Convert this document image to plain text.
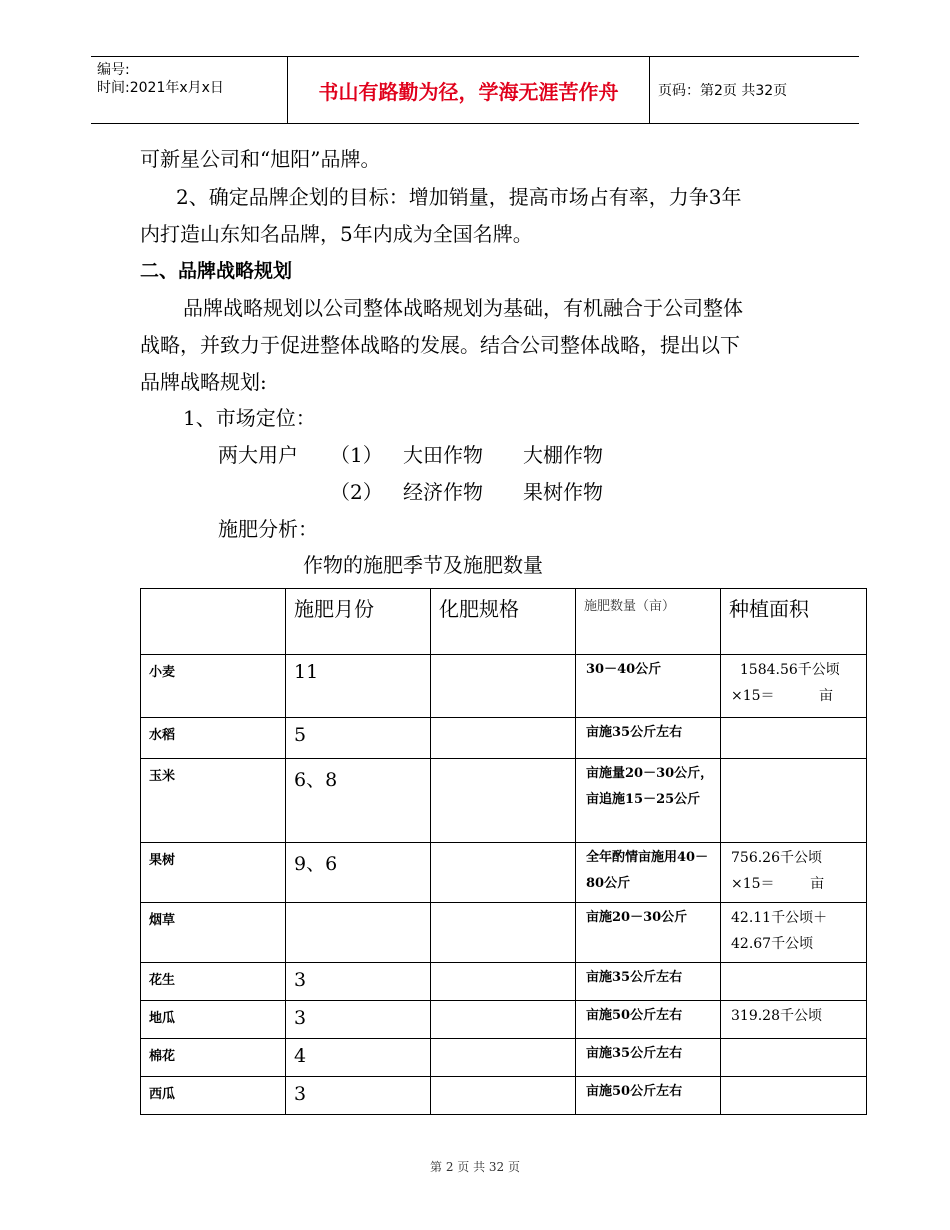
编号:
时间:2021年x月x日	书山有路勤为径，学海无涯苦作舟	页码：第2页 共32页
可新星公司和“旭阳”品牌。
2、确定品牌企划的目标：增加销量，提高市场占有率，力争3年
内打造山东知名品牌，5年内成为全国名牌。
二、品牌战略规划
品牌战略规划以公司整体战略规划为基础，有机融合于公司整体
战略，并致力于促进整体战略的发展。结合公司整体战略，提出以下
品牌战略规划:
1、市场定位：
两大用户 （1） 大田作物 大棚作物
（2） 经济作物 果树作物
施肥分析：
作物的施肥季节及施肥数量
	施肥月份	化肥规格	施肥数量（亩）	种植面积
小麦	11		30－40公斤	1584.56千公顷
×15＝          亩
水稻	5		亩施35公斤左右	
玉米	6、8		亩施量20－30公斤，亩追施15－25公斤	
果树	9、6		全年酌情亩施用40－80公斤	756.26千公顷
×15＝        亩
烟草			亩施20－30公斤	42.11千公顷＋
42.67千公顷
花生	3		亩施35公斤左右	
地瓜	3		亩施50公斤左右	319.28千公顷
棉花	4		亩施35公斤左右	
西瓜	3		亩施50公斤左右	
第 2 页 共 32 页
